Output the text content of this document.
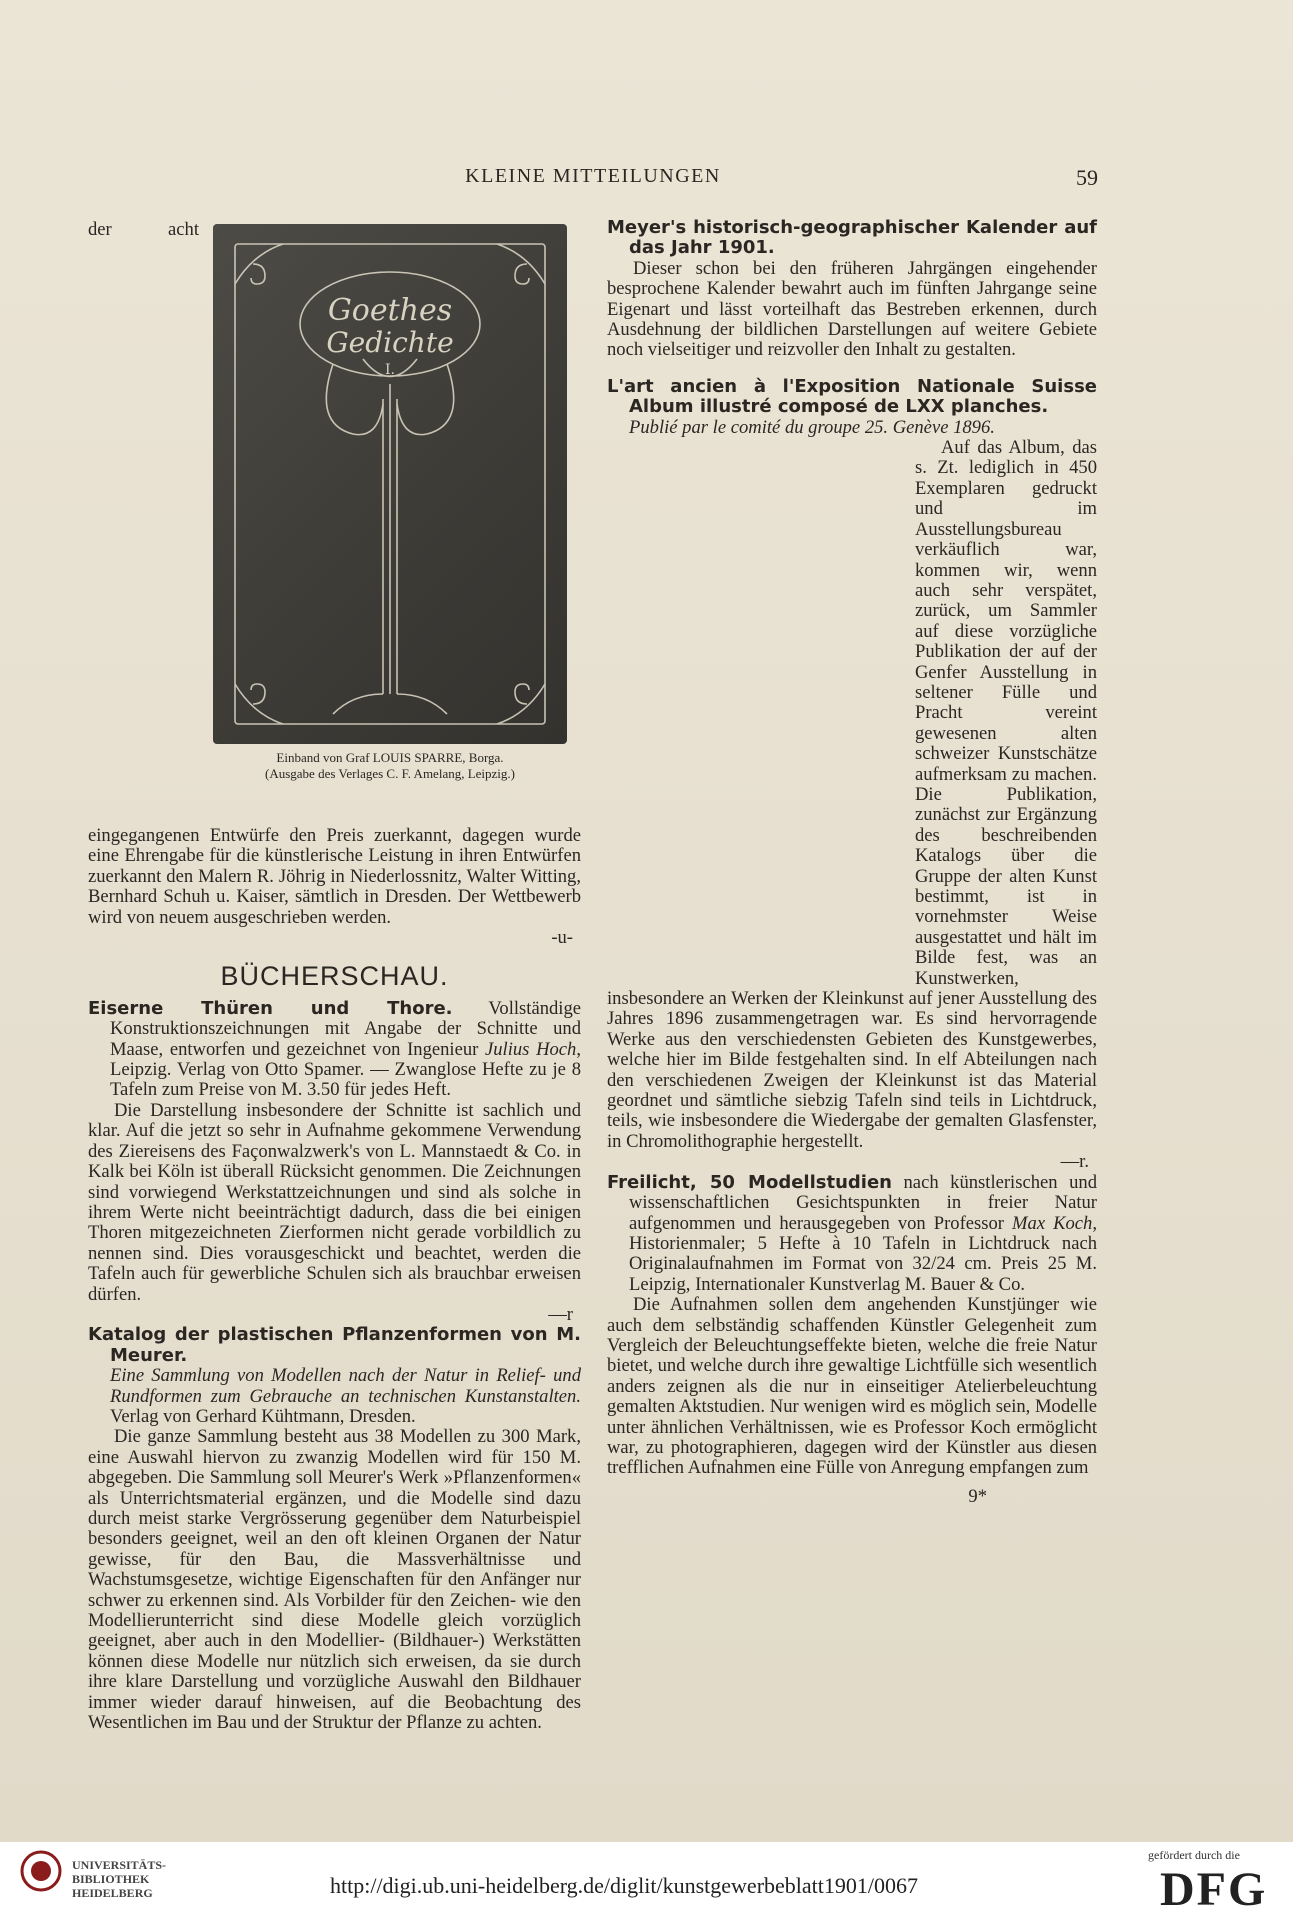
KLEINE MITTEILUNGEN	59
Goethes
Gedichte
I.
Einband von Graf LOUIS SPARRE, Borga.
(Ausgabe des Verlages C. F. Amelang, Leipzig.)

der acht eingegangenen Entwürfe den Preis zuerkannt, dagegen wurde eine Ehrengabe für die künstlerische Leistung in ihren Entwürfen zuerkannt den Malern R. Jöhrig in Niederlossnitz, Walter Witting, Bernhard Schuh u. Kaiser, sämtlich in Dresden. Der Wettbewerb wird von neuem ausgeschrieben werden.

-u-

BÜCHERSCHAU.

Eiserne Thüren und Thore. Vollständige Konstruktionszeichnungen mit Angabe der Schnitte und Maase, entworfen und gezeichnet von Ingenieur Julius Hoch, Leipzig. Verlag von Otto Spamer. — Zwanglose Hefte zu je 8 Tafeln zum Preise von M. 3.50 für jedes Heft.

Die Darstellung insbesondere der Schnitte ist sachlich und klar. Auf die jetzt so sehr in Aufnahme gekommene Verwendung des Ziereisens des Façonwalzwerk's von L. Mannstaedt & Co. in Kalk bei Köln ist überall Rücksicht genommen. Die Zeichnungen sind vorwiegend Werkstattzeichnungen und sind als solche in ihrem Werte nicht beeinträchtigt dadurch, dass die bei einigen Thoren mitgezeichneten Zierformen nicht gerade vorbildlich zu nennen sind. Dies vorausgeschickt und beachtet, werden die Tafeln auch für gewerbliche Schulen sich als brauchbar erweisen dürfen.

—r

Katalog der plastischen Pflanzenformen von M. Meurer.

Eine Sammlung von Modellen nach der Natur in Relief- und Rundformen zum Gebrauche an technischen Kunstanstalten. Verlag von Gerhard Kühtmann, Dresden.

Die ganze Sammlung besteht aus 38 Modellen zu 300 Mark, eine Auswahl hiervon zu zwanzig Modellen wird für 150 M. abgegeben. Die Sammlung soll Meurer's Werk »Pflanzenformen« als Unterrichtsmaterial ergänzen, und die Modelle sind dazu durch meist starke Vergrösserung gegenüber dem Naturbeispiel besonders geeignet, weil an den oft kleinen Organen der Natur gewisse, für den Bau, die Massverhältnisse und Wachstumsgesetze, wichtige Eigenschaften für den Anfänger nur schwer zu erkennen sind. Als Vorbilder für den Zeichen- wie den Modellierunterricht sind diese Modelle gleich vorzüglich geeignet, aber auch in den Modellier- (Bildhauer-) Werkstätten können diese Modelle nur nützlich sich erweisen, da sie durch ihre klare Darstellung und vorzügliche Auswahl den Bildhauer immer wieder darauf hinweisen, auf die Beobachtung des Wesentlichen im Bau und der Struktur der Pflanze zu achten.

Meyer's historisch-geographischer Kalender auf das Jahr 1901.

Dieser schon bei den früheren Jahrgängen eingehender besprochene Kalender bewahrt auch im fünften Jahrgange seine Eigenart und lässt vorteilhaft das Bestreben erkennen, durch Ausdehnung der bildlichen Darstellungen auf weitere Gebiete noch vielseitiger und reizvoller den Inhalt zu gestalten.

L'art ancien à l'Exposition Nationale Suisse Album illustré composé de LXX planches.

Publié par le comité du groupe 25. Genève 1896.

Auf das Album, das s. Zt. lediglich in 450 Exemplaren gedruckt und im Ausstellungsbureau verkäuflich war, kommen wir, wenn auch sehr verspätet, zurück, um Sammler auf diese vorzügliche Publikation der auf der Genfer Ausstellung in seltener Fülle und Pracht vereint gewesenen alten schweizer Kunstschätze aufmerksam zu machen. Die Publikation, zunächst zur Ergänzung des beschreibenden Katalogs über die Gruppe der alten Kunst bestimmt, ist in vornehmster Weise ausgestattet und hält im Bilde fest, was an Kunstwerken, insbesondere an Werken der Kleinkunst auf jener Ausstellung des Jahres 1896 zusammengetragen war. Es sind hervorragende Werke aus den verschiedensten Gebieten des Kunstgewerbes, welche hier im Bilde festgehalten sind. In elf Abteilungen nach den verschiedenen Zweigen der Kleinkunst ist das Material geordnet und sämtliche siebzig Tafeln sind teils in Lichtdruck, teils, wie insbesondere die Wiedergabe der gemalten Glasfenster, in Chromolithographie hergestellt.

—r.

Freilicht, 50 Modellstudien nach künstlerischen und wissenschaftlichen Gesichtspunkten in freier Natur aufgenommen und herausgegeben von Professor Max Koch, Historienmaler; 5 Hefte à 10 Tafeln in Lichtdruck nach Originalaufnahmen im Format von 32/24 cm. Preis 25 M. Leipzig, Internationaler Kunstverlag M. Bauer & Co.

Die Aufnahmen sollen dem angehenden Kunstjünger wie auch dem selbständig schaffenden Künstler Gelegenheit zum Vergleich der Beleuchtungseffekte bieten, welche die freie Natur bietet, und welche durch ihre gewaltige Lichtfülle sich wesentlich anders zeignen als die nur in einseitiger Atelierbeleuchtung gemalten Aktstudien. Nur wenigen wird es möglich sein, Modelle unter ähnlichen Verhältnissen, wie es Professor Koch ermöglicht war, zu photographieren, dagegen wird der Künstler aus diesen trefflichen Aufnahmen eine Fülle von Anregung empfangen zum

9*

UNIVERSITÄTS-
BIBLIOTHEK
HEIDELBERG	http://digi.ub.uni-heidelberg.de/diglit/kunstgewerbeblatt1901/0067
gefördert durch die
DFG
